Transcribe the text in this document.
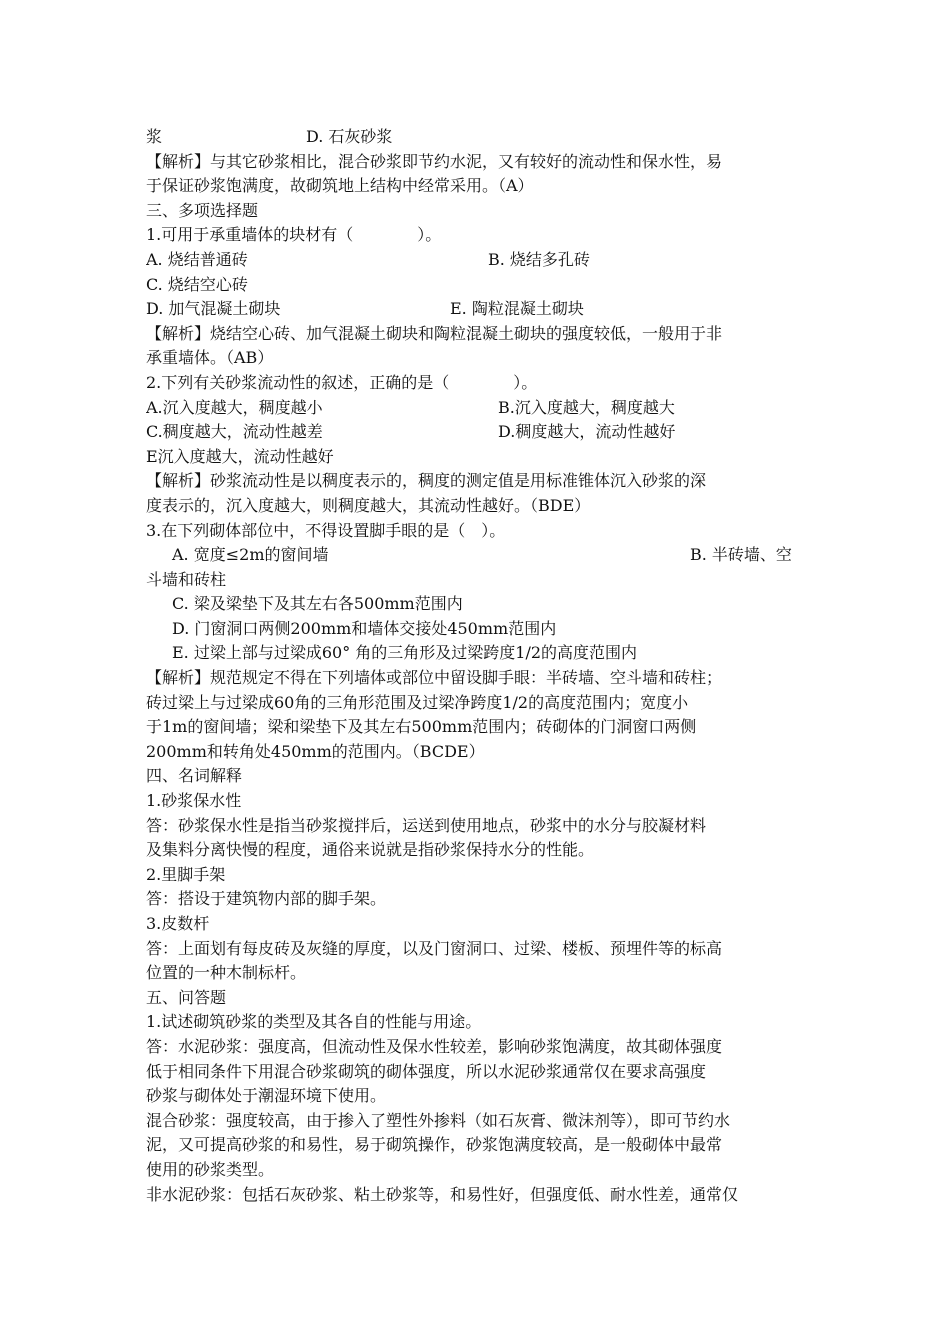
浆	D. 石灰砂浆
【解析】与其它砂浆相比，混合砂浆即节约水泥，又有较好的流动性和保水性，易
于保证砂浆饱满度，故砌筑地上结构中经常采用。（A）
三、多项选择题
1.可用于承重墙体的块材有（　　　　）。
A. 烧结普通砖	B. 烧结多孔砖
C. 烧结空心砖
D. 加气混凝土砌块	E. 陶粒混凝土砌块
【解析】烧结空心砖、加气混凝土砌块和陶粒混凝土砌块的强度较低，一般用于非
承重墙体。（AB）
2.下列有关砂浆流动性的叙述，正确的是（　　　　）。
A.沉入度越大，稠度越小	B.沉入度越大，稠度越大
C.稠度越大，流动性越差	D.稠度越大，流动性越好
E沉入度越大，流动性越好
【解析】砂浆流动性是以稠度表示的，稠度的测定值是用标准锥体沉入砂浆的深
度表示的，沉入度越大，则稠度越大，其流动性越好。（BDE）
3.在下列砌体部位中，不得设置脚手眼的是（　）。
A. 宽度≤2m的窗间墙	B. 半砖墙、空
斗墙和砖柱
C. 梁及梁垫下及其左右各500mm范围内
D. 门窗洞口两侧200mm和墙体交接处450mm范围内
E. 过梁上部与过梁成60° 角的三角形及过梁跨度1/2的高度范围内
【解析】规范规定不得在下列墙体或部位中留设脚手眼：半砖墙、空斗墙和砖柱；
砖过梁上与过梁成60角的三角形范围及过梁净跨度1/2的高度范围内；宽度小
于1m的窗间墙；梁和梁垫下及其左右500mm范围内；砖砌体的门洞窗口两侧
200mm和转角处450mm的范围内。（BCDE）
四、名词解释
1.砂浆保水性
答：砂浆保水性是指当砂浆搅拌后，运送到使用地点，砂浆中的水分与胶凝材料
及集料分离快慢的程度，通俗来说就是指砂浆保持水分的性能。
2.里脚手架
答：搭设于建筑物内部的脚手架。
3.皮数杆
答：上面划有每皮砖及灰缝的厚度，以及门窗洞口、过梁、楼板、预埋件等的标高
位置的一种木制标杆。
五、问答题
1.试述砌筑砂浆的类型及其各自的性能与用途。
答：水泥砂浆：强度高，但流动性及保水性较差，影响砂浆饱满度，故其砌体强度
低于相同条件下用混合砂浆砌筑的砌体强度，所以水泥砂浆通常仅在要求高强度
砂浆与砌体处于潮湿环境下使用。
混合砂浆：强度较高，由于掺入了塑性外掺料（如石灰膏、微沫剂等），即可节约水
泥，又可提高砂浆的和易性，易于砌筑操作，砂浆饱满度较高，是一般砌体中最常
使用的砂浆类型。
非水泥砂浆：包括石灰砂浆、粘土砂浆等，和易性好，但强度低、耐水性差，通常仅
